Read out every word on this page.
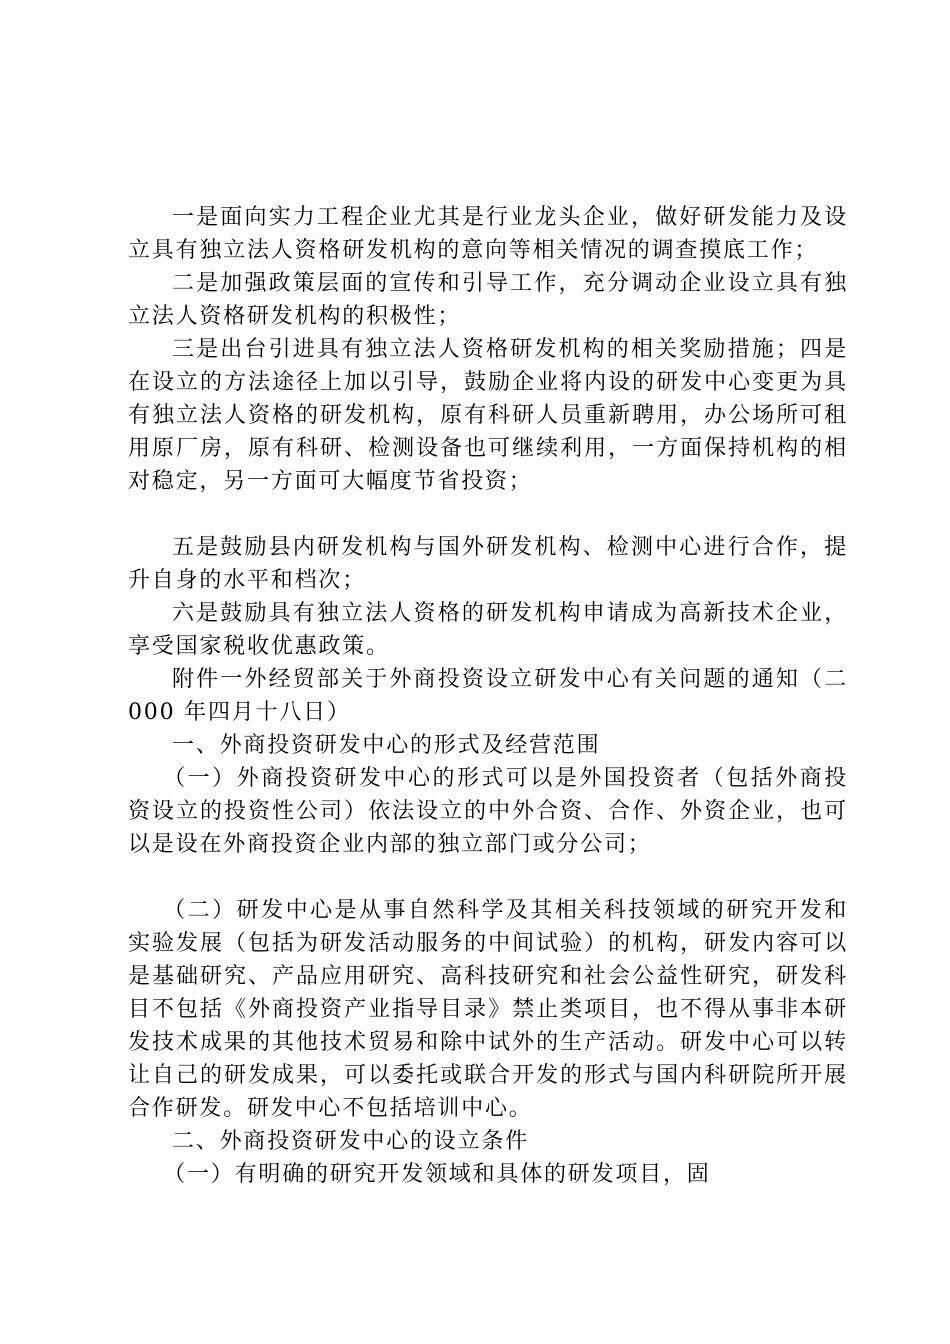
一是面向实力工程企业尤其是行业龙头企业，做好研发能力及设立具有独立法人资格研发机构的意向等相关情况的调查摸底工作；

二是加强政策层面的宣传和引导工作，充分调动企业设立具有独立法人资格研发机构的积极性；

三是出台引进具有独立法人资格研发机构的相关奖励措施；四是在设立的方法途径上加以引导，鼓励企业将内设的研发中心变更为具有独立法人资格的研发机构，原有科研人员重新聘用，办公场所可租用原厂房，原有科研、检测设备也可继续利用，一方面保持机构的相对稳定，另一方面可大幅度节省投资；

五是鼓励县内研发机构与国外研发机构、检测中心进行合作，提升自身的水平和档次；

六是鼓励具有独立法人资格的研发机构申请成为高新技术企业，享受国家税收优惠政策。

附件一外经贸部关于外商投资设立研发中心有关问题的通知（二 000 年四月十八日）

一、外商投资研发中心的形式及经营范围

（一）外商投资研发中心的形式可以是外国投资者（包括外商投资设立的投资性公司）依法设立的中外合资、合作、外资企业，也可以是设在外商投资企业内部的独立部门或分公司；

（二）研发中心是从事自然科学及其相关科技领域的研究开发和实验发展（包括为研发活动服务的中间试验）的机构，研发内容可以是基础研究、产品应用研究、高科技研究和社会公益性研究，研发科目不包括《外商投资产业指导目录》禁止类项目，也不得从事非本研发技术成果的其他技术贸易和除中试外的生产活动。研发中心可以转让自己的研发成果，可以委托或联合开发的形式与国内科研院所开展合作研发。研发中心不包括培训中心。

二、外商投资研发中心的设立条件

（一）有明确的研究开发领域和具体的研发项目，固
